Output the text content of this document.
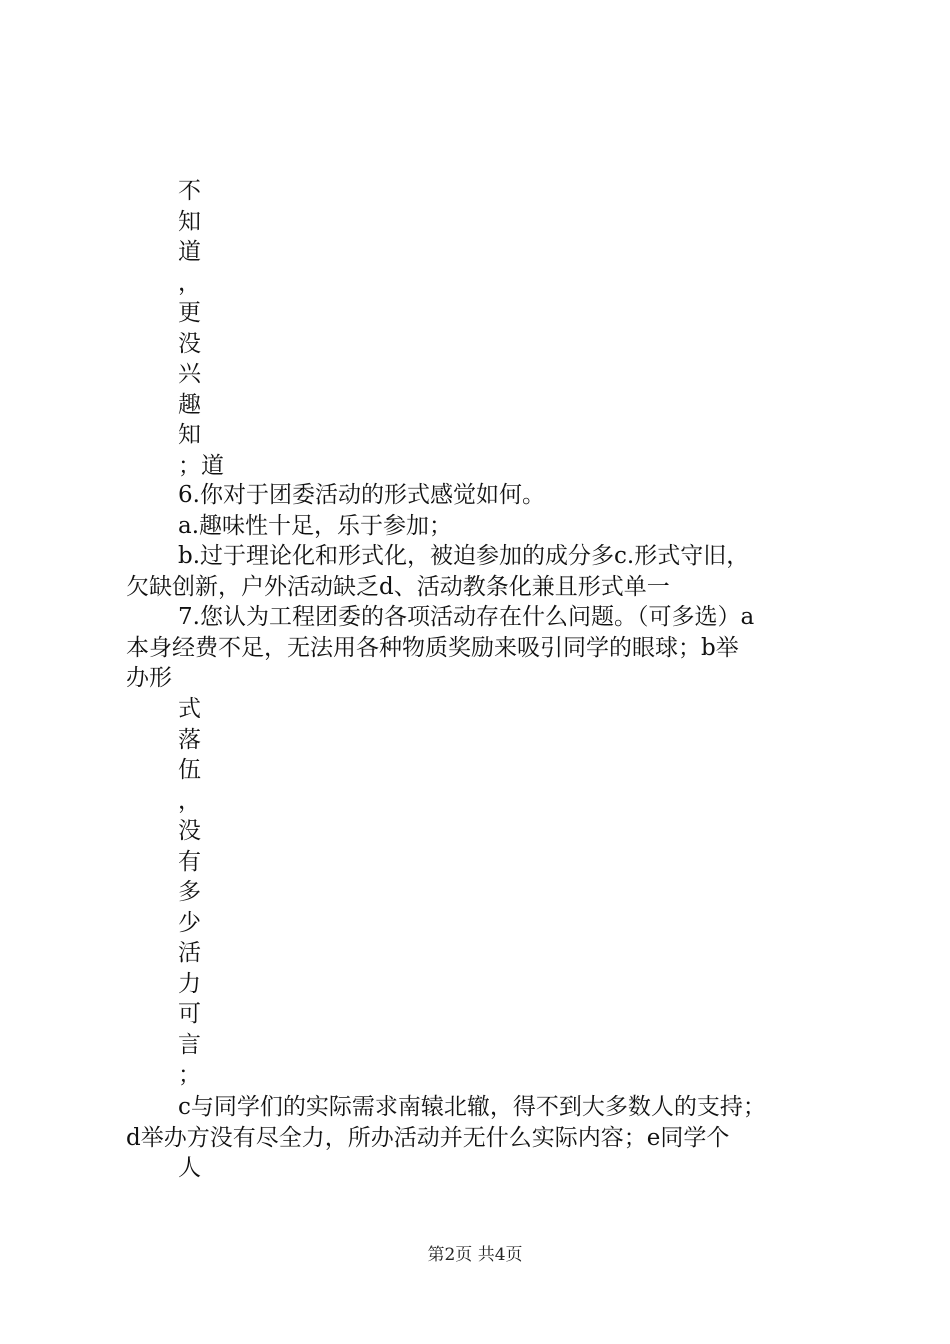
不
知
道
，
更
没
兴
趣
知
；道
6.你对于团委活动的形式感觉如何。
a.趣味性十足，乐于参加；
b.过于理论化和形式化，被迫参加的成分多c.形式守旧，
欠缺创新，户外活动缺乏d、活动教条化兼且形式单一
7.您认为工程团委的各项活动存在什么问题。（可多选）a
本身经费不足，无法用各种物质奖励来吸引同学的眼球；b举
办形
式
落
伍
，
没
有
多
少
活
力
可
言
；
c与同学们的实际需求南辕北辙，得不到大多数人的支持；
d举办方没有尽全力，所办活动并无什么实际内容；e同学个
人
第2页 共4页
